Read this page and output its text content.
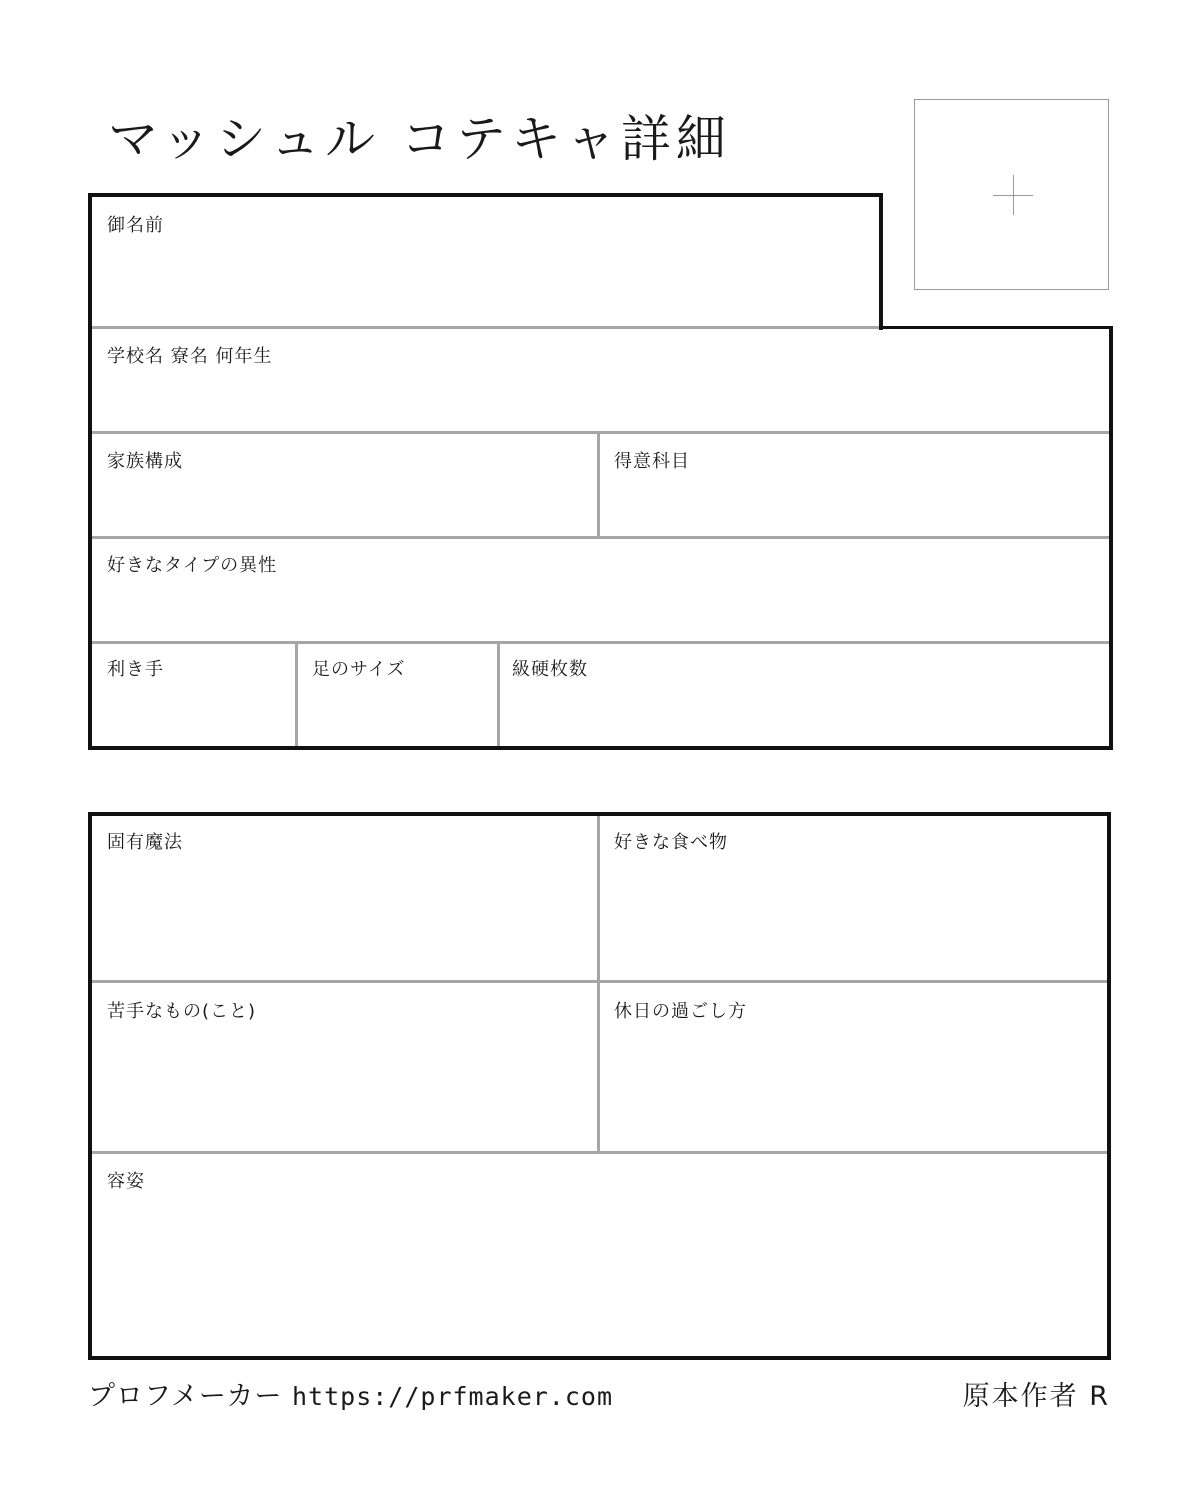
マッシュル コテキャ詳細
御名前
学校名 寮名 何年生
家族構成	得意科目
好きなタイプの異性
利き手	足のサイズ	級硬枚数
固有魔法	好きな食べ物
苦手なもの(こと)	休日の過ごし方
容姿
プロフメーカー https://prfmaker.com	原本作者 R
